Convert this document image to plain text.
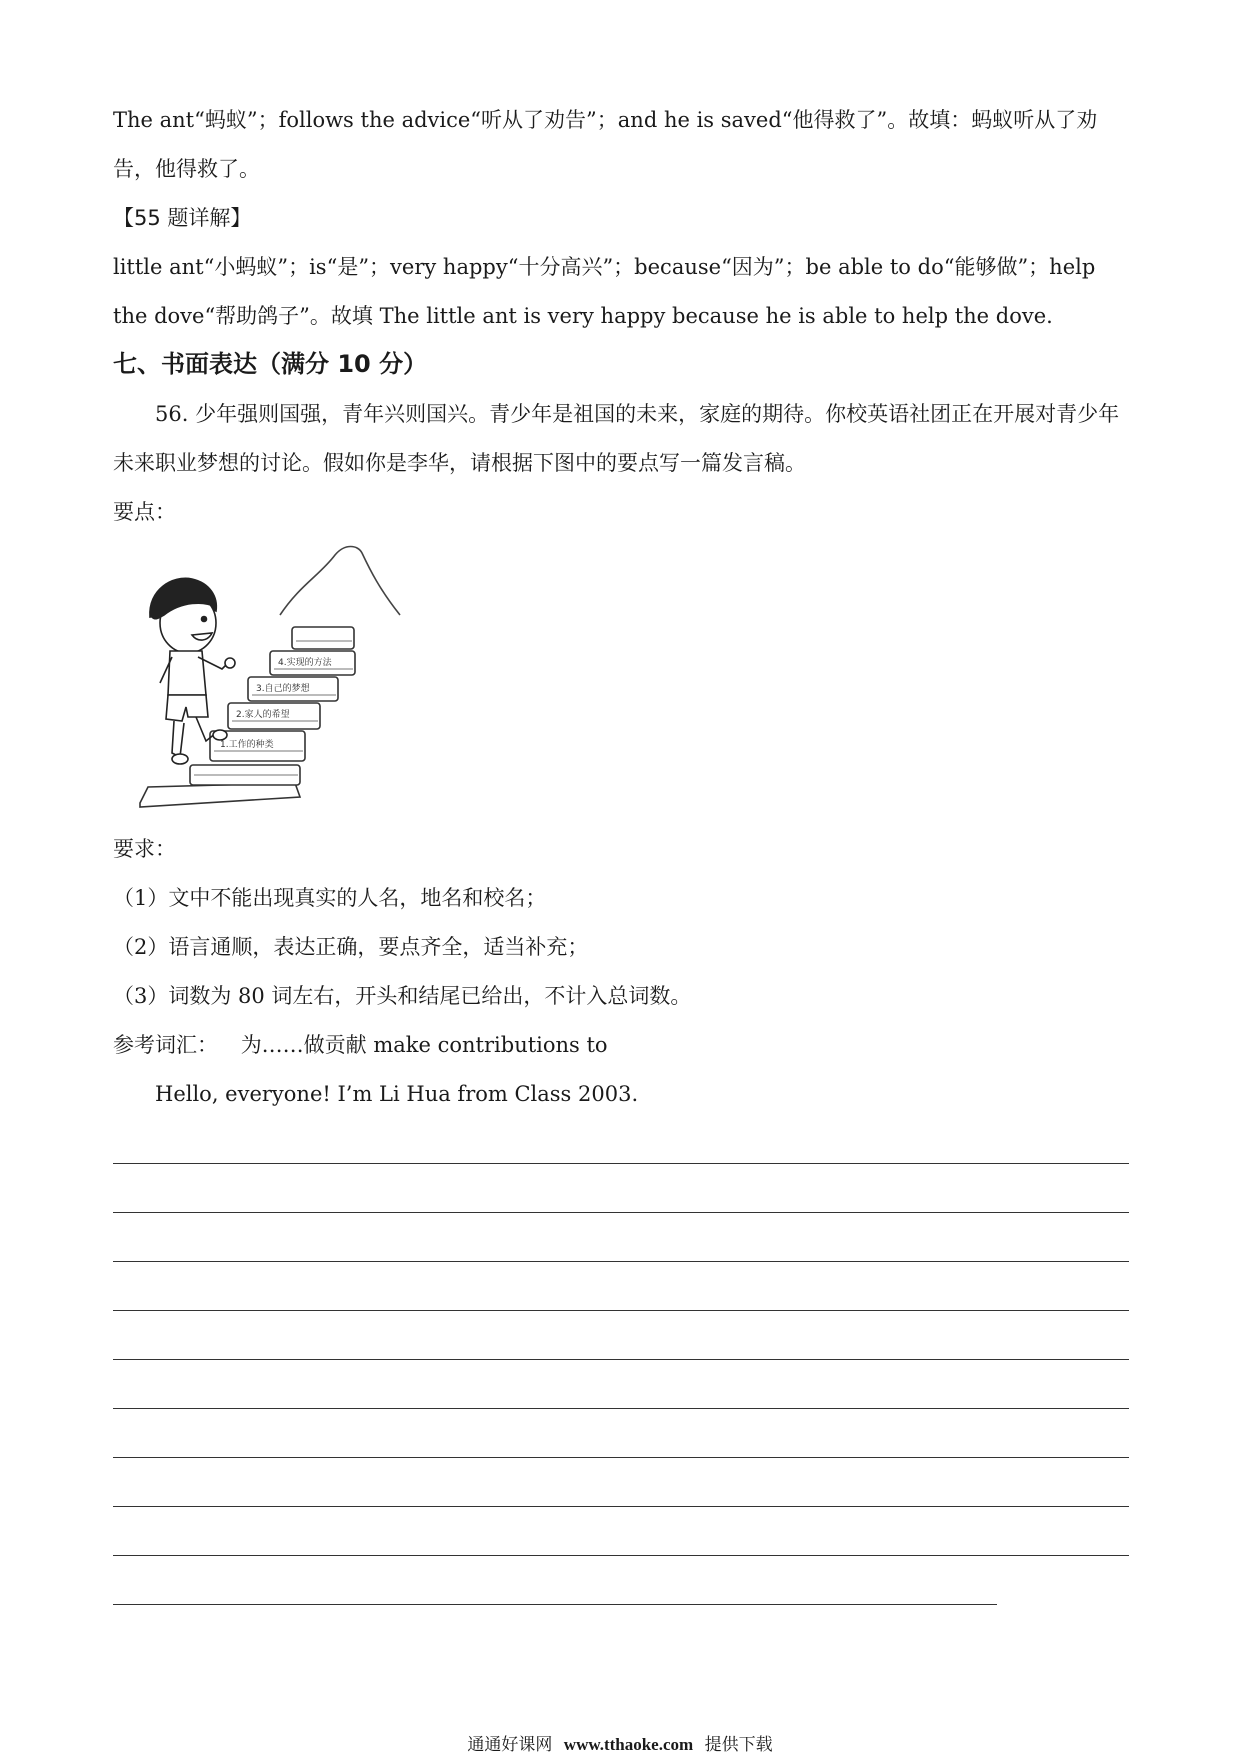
The ant“蚂蚁”；follows the advice“听从了劝告”；and he is saved“他得救了”。故填：蚂蚁听从了劝告，他得救了。

【55 题详解】

little ant“小蚂蚁”；is“是”；very happy“十分高兴”；because“因为”；be able to do“能够做”；help the dove“帮助鸽子”。故填 The little ant is very happy because he is able to help the dove.

七、书面表达（满分 10 分）

56. 少年强则国强，青年兴则国兴。青少年是祖国的未来，家庭的期待。你校英语社团正在开展对青少年未来职业梦想的讨论。假如你是李华，请根据下图中的要点写一篇发言稿。

要点：

1.工作的种类
2.家人的希望
3.自己的梦想
4.实现的方法

要求：

（1）文中不能出现真实的人名，地名和校名；

（2）语言通顺，表达正确，要点齐全，适当补充；

（3）词数为 80 词左右，开头和结尾已给出，不计入总词数。

参考词汇： 为……做贡献 make contributions to

Hello, everyone! I’m Li Hua from Class 2003.

通通好课网 www.tthaoke.com 提供下载
